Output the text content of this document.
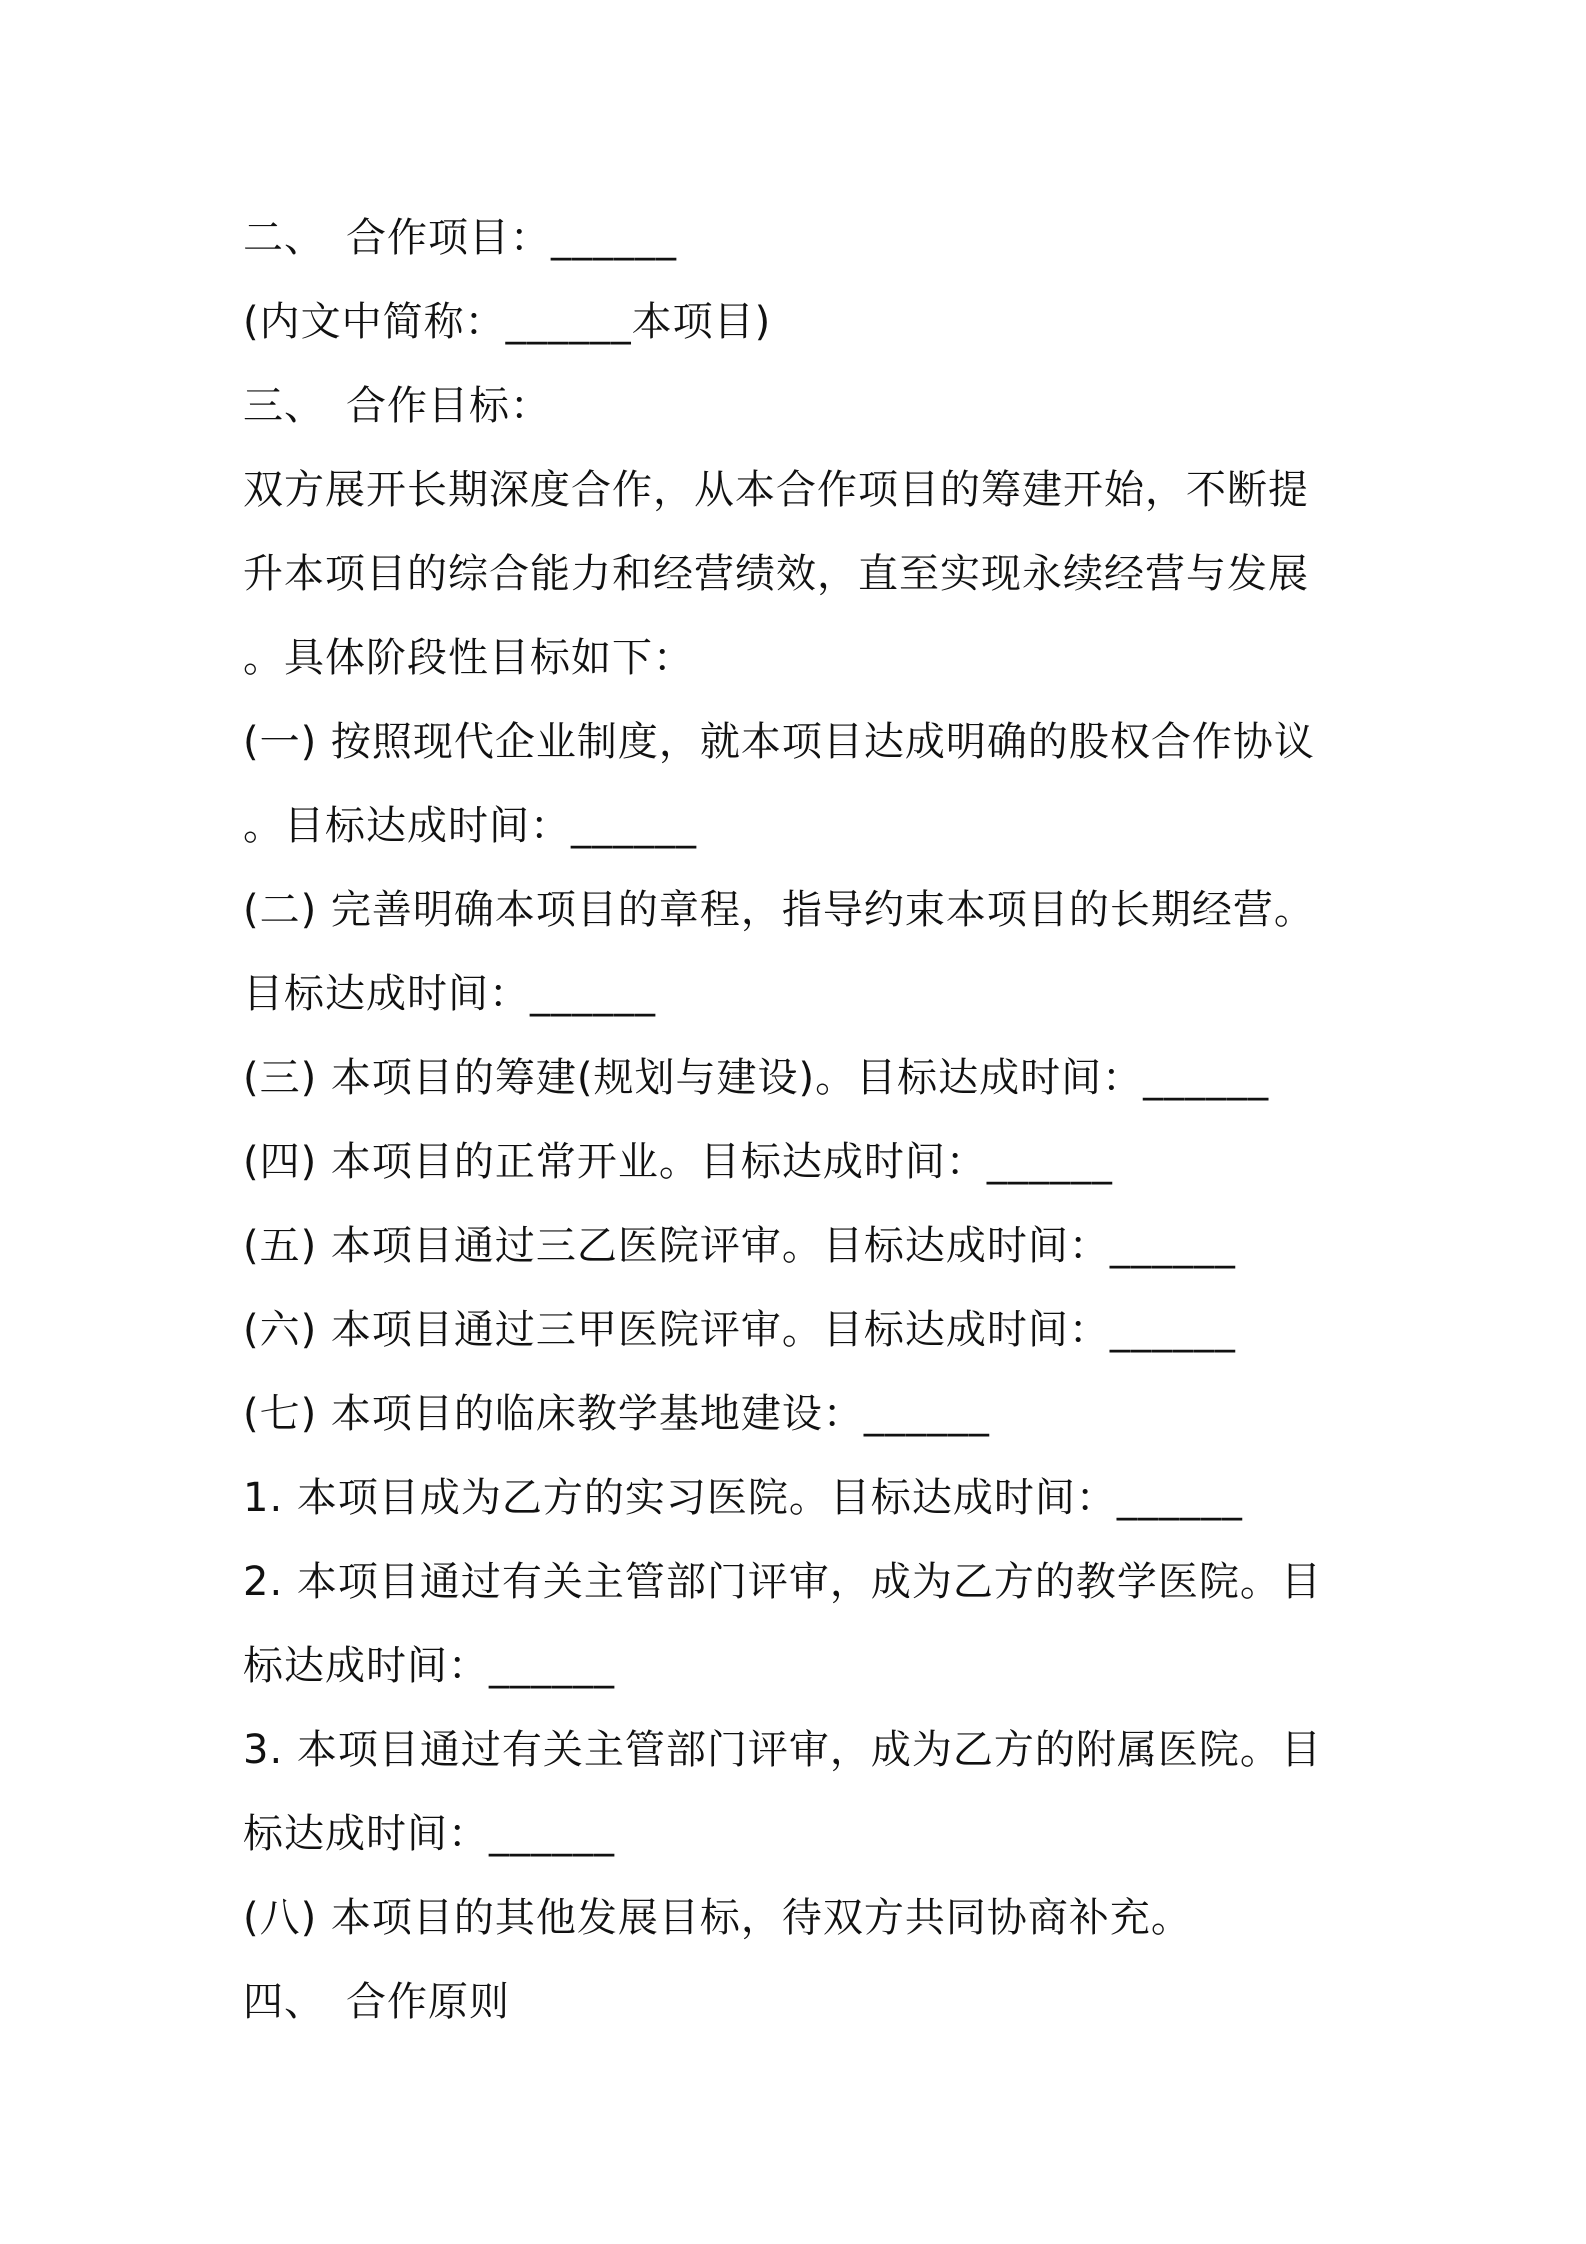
二、　合作项目：______
(内文中简称：______本项目)
三、　合作目标：
双方展开长期深度合作，从本合作项目的筹建开始，不断提
升本项目的综合能力和经营绩效，直至实现永续经营与发展
。具体阶段性目标如下：
(一) 按照现代企业制度，就本项目达成明确的股权合作协议
。目标达成时间：______
(二) 完善明确本项目的章程，指导约束本项目的长期经营。
目标达成时间：______
(三) 本项目的筹建(规划与建设)。目标达成时间：______
(四) 本项目的正常开业。目标达成时间：______
(五) 本项目通过三乙医院评审。目标达成时间：______
(六) 本项目通过三甲医院评审。目标达成时间：______
(七) 本项目的临床教学基地建设：______
1. 本项目成为乙方的实习医院。目标达成时间：______
2. 本项目通过有关主管部门评审，成为乙方的教学医院。目
标达成时间：______
3. 本项目通过有关主管部门评审，成为乙方的附属医院。目
标达成时间：______
(八) 本项目的其他发展目标，待双方共同协商补充。
四、　合作原则
